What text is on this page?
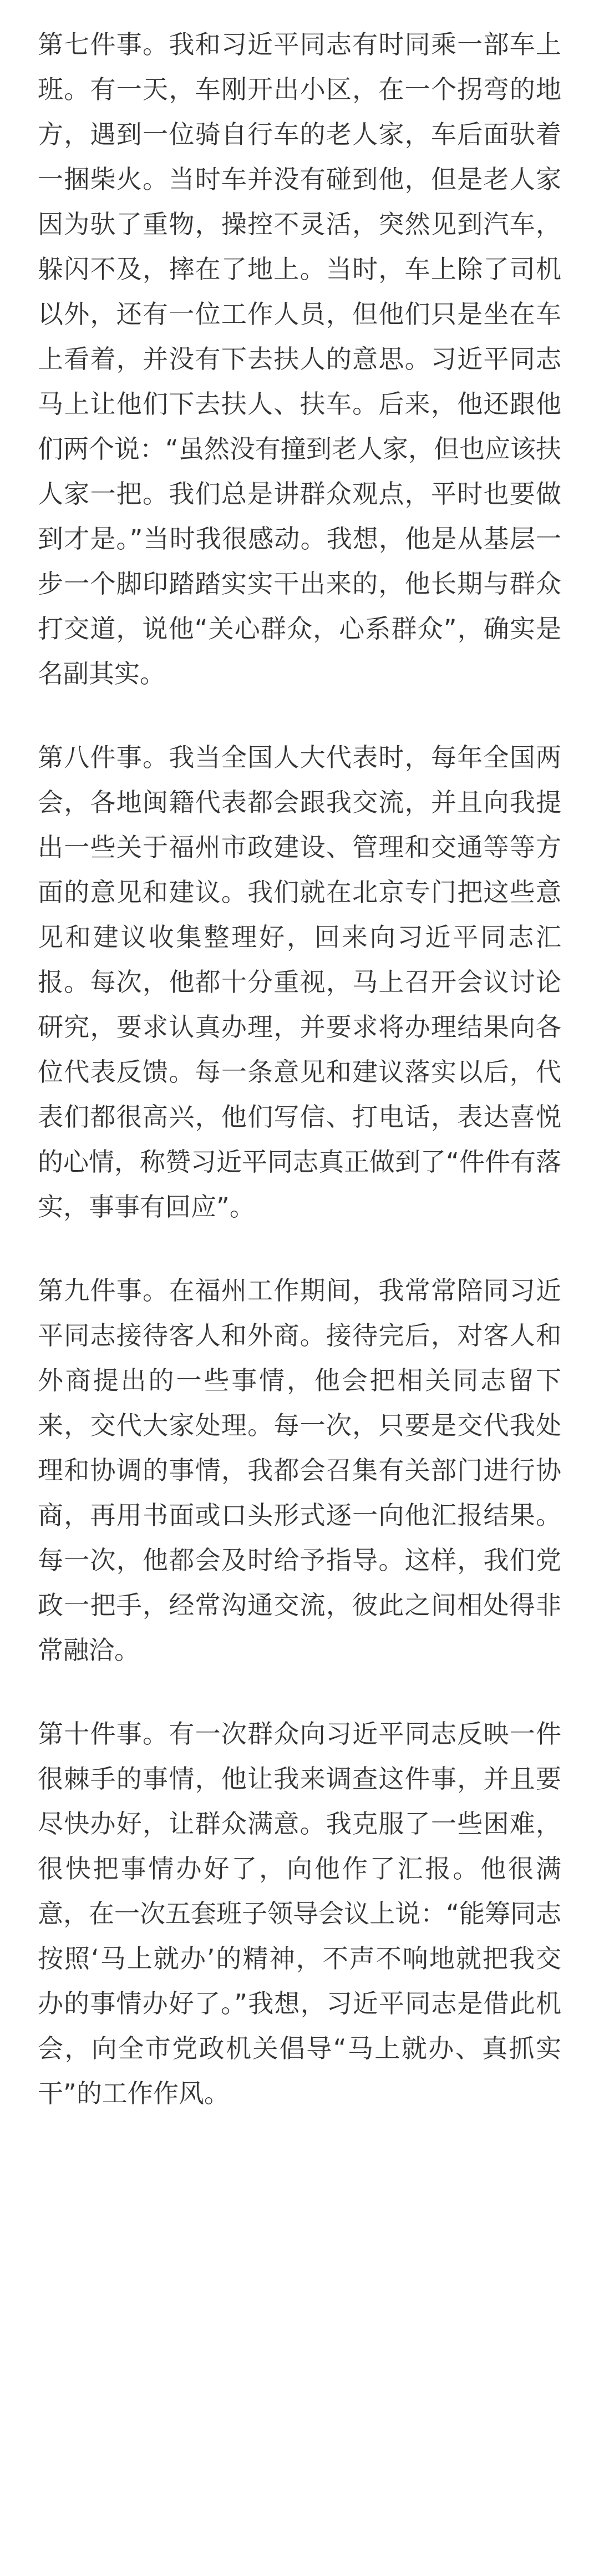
第七件事。我和习近平同志有时同乘一部车上班。有一天，车刚开出小区，在一个拐弯的地方，遇到一位骑自行车的老人家，车后面驮着一捆柴火。当时车并没有碰到他，但是老人家因为驮了重物，操控不灵活，突然见到汽车，躲闪不及，摔在了地上。当时，车上除了司机以外，还有一位工作人员，但他们只是坐在车上看着，并没有下去扶人的意思。习近平同志马上让他们下去扶人、扶车。后来，他还跟他们两个说：“虽然没有撞到老人家，但也应该扶人家一把。我们总是讲群众观点，平时也要做到才是。”当时我很感动。我想，他是从基层一步一个脚印踏踏实实干出来的，他长期与群众打交道，说他“关心群众，心系群众”，确实是名副其实。

第八件事。我当全国人大代表时，每年全国两会，各地闽籍代表都会跟我交流，并且向我提出一些关于福州市政建设、管理和交通等等方面的意见和建议。我们就在北京专门把这些意见和建议收集整理好，回来向习近平同志汇报。每次，他都十分重视，马上召开会议讨论研究，要求认真办理，并要求将办理结果向各位代表反馈。每一条意见和建议落实以后，代表们都很高兴，他们写信、打电话，表达喜悦的心情，称赞习近平同志真正做到了“件件有落实，事事有回应”。

第九件事。在福州工作期间，我常常陪同习近平同志接待客人和外商。接待完后，对客人和外商提出的一些事情，他会把相关同志留下来，交代大家处理。每一次，只要是交代我处理和协调的事情，我都会召集有关部门进行协商，再用书面或口头形式逐一向他汇报结果。每一次，他都会及时给予指导。这样，我们党政一把手，经常沟通交流，彼此之间相处得非常融洽。

第十件事。有一次群众向习近平同志反映一件很棘手的事情，他让我来调查这件事，并且要尽快办好，让群众满意。我克服了一些困难，很快把事情办好了，向他作了汇报。他很满意，在一次五套班子领导会议上说：“能筹同志按照‘马上就办’的精神，不声不响地就把我交办的事情办好了。”我想，习近平同志是借此机会，向全市党政机关倡导“马上就办、真抓实干”的工作作风。
